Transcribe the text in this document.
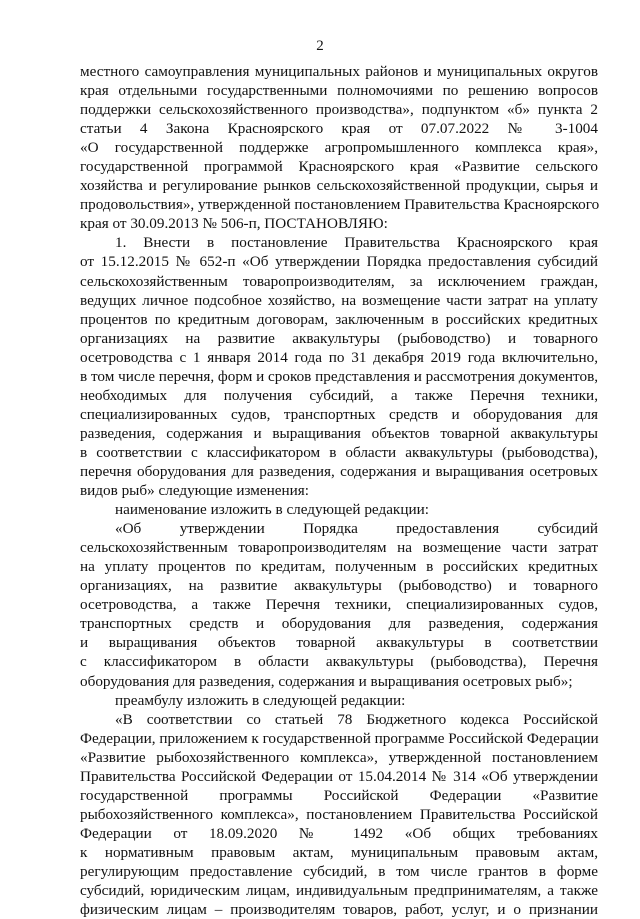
2
местного самоуправления муниципальных районов и муниципальных округов
края отдельными государственными полномочиями по решению вопросов
поддержки сельскохозяйственного производства», подпунктом «б» пункта 2
статьи 4 Закона Красноярского края от 07.07.2022 № 3-1004
«О государственной поддержке агропромышленного комплекса края»,
государственной программой Красноярского края «Развитие сельского
хозяйства и регулирование рынков сельскохозяйственной продукции, сырья и
продовольствия», утвержденной постановлением Правительства Красноярского
края от 30.09.2013 № 506-п, ПОСТАНОВЛЯЮ:
1. Внести в постановление Правительства Красноярского края
от 15.12.2015 № 652-п «Об утверждении Порядка предоставления субсидий
сельскохозяйственным товаропроизводителям, за исключением граждан,
ведущих личное подсобное хозяйство, на возмещение части затрат на уплату
процентов по кредитным договорам, заключенным в российских кредитных
организациях на развитие аквакультуры (рыбоводство) и товарного
осетроводства с 1 января 2014 года по 31 декабря 2019 года включительно,
в том числе перечня, форм и сроков представления и рассмотрения документов,
необходимых для получения субсидий, а также Перечня техники,
специализированных судов, транспортных средств и оборудования для
разведения, содержания и выращивания объектов товарной аквакультуры
в соответствии с классификатором в области аквакультуры (рыбоводства),
перечня оборудования для разведения, содержания и выращивания осетровых
видов рыб» следующие изменения:
наименование изложить в следующей редакции:
«Об утверждении Порядка предоставления субсидий
сельскохозяйственным товаропроизводителям на возмещение части затрат
на уплату процентов по кредитам, полученным в российских кредитных
организациях, на развитие аквакультуры (рыбоводство) и товарного
осетроводства, а также Перечня техники, специализированных судов,
транспортных средств и оборудования для разведения, содержания
и выращивания объектов товарной аквакультуры в соответствии
с классификатором в области аквакультуры (рыбоводства), Перечня
оборудования для разведения, содержания и выращивания осетровых рыб»;
преамбулу изложить в следующей редакции:
«В соответствии со статьей 78 Бюджетного кодекса Российской
Федерации, приложением к государственной программе Российской Федерации
«Развитие рыбохозяйственного комплекса», утвержденной постановлением
Правительства Российской Федерации от 15.04.2014 № 314 «Об утверждении
государственной программы Российской Федерации «Развитие
рыбохозяйственного комплекса», постановлением Правительства Российской
Федерации от 18.09.2020 № 1492 «Об общих требованиях
к нормативным правовым актам, муниципальным правовым актам,
регулирующим предоставление субсидий, в том числе грантов в форме
субсидий, юридическим лицам, индивидуальным предпринимателям, а также
физическим лицам – производителям товаров, работ, услуг, и о признании
